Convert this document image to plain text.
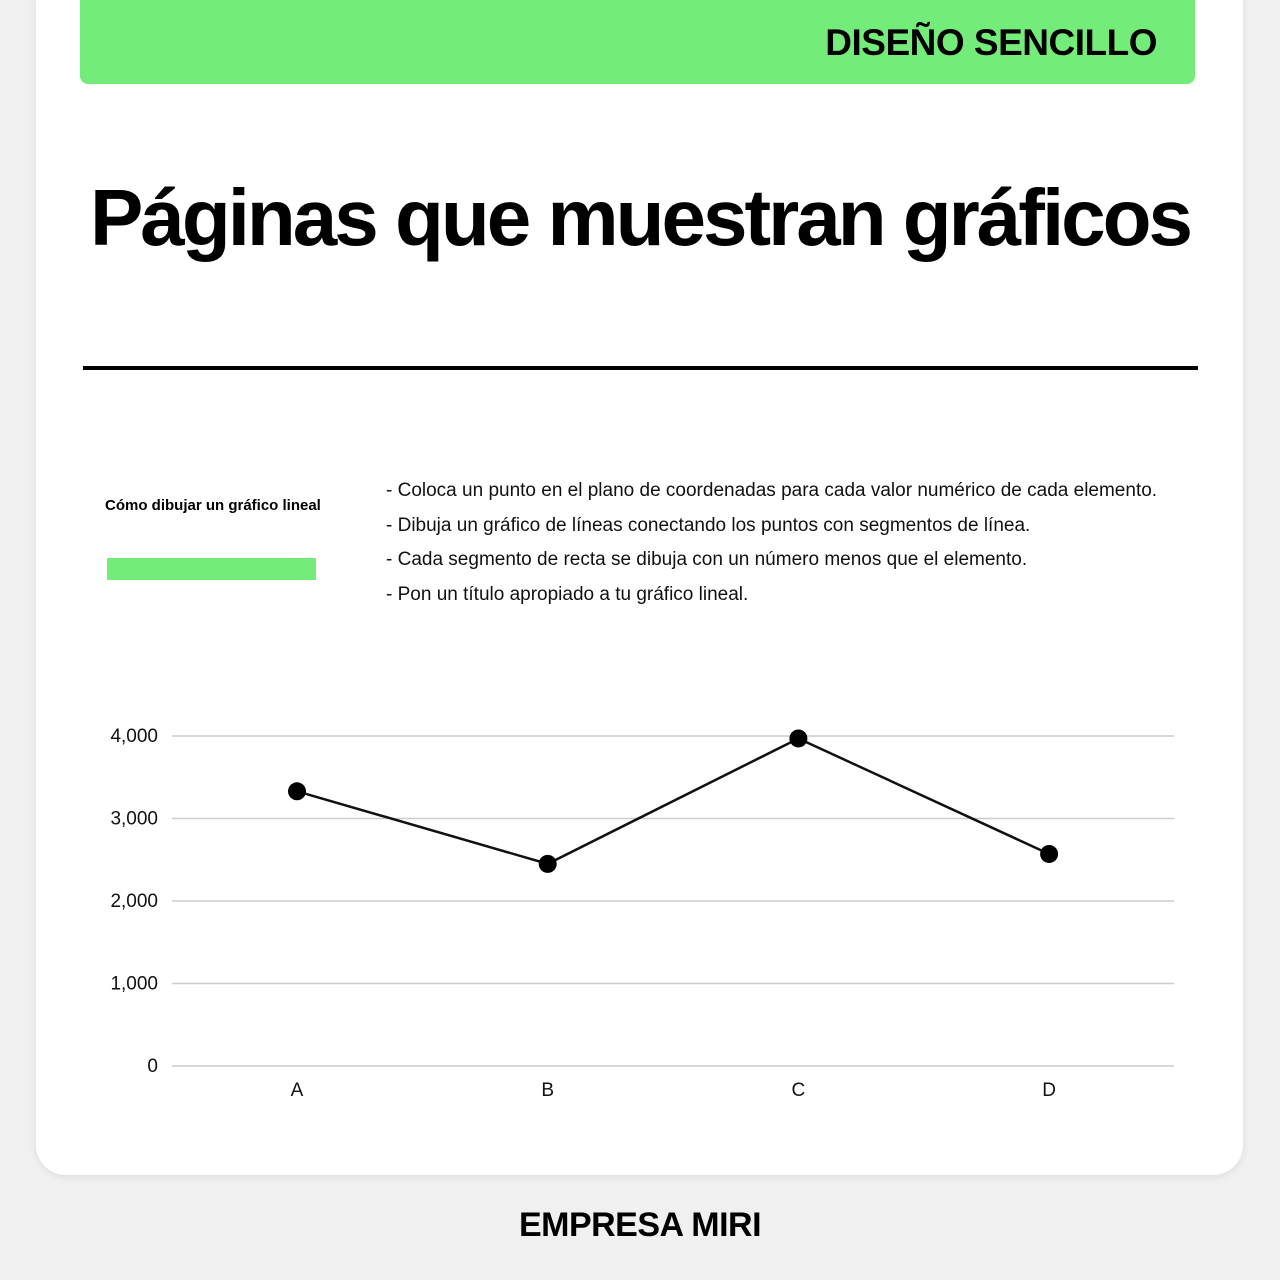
DISEÑO SENCILLO
Páginas que muestran gráficos
Cómo dibujar un gráfico lineal
- Coloca un punto en el plano de coordenadas para cada valor numérico de cada elemento.
- Dibuja un gráfico de líneas conectando los puntos con segmentos de línea.
- Cada segmento de recta se dibuja con un número menos que el elemento.
- Pon un título apropiado a tu gráfico lineal.
0
1,000
2,000
3,000
4,000
A	B	C	D
EMPRESA MIRI
